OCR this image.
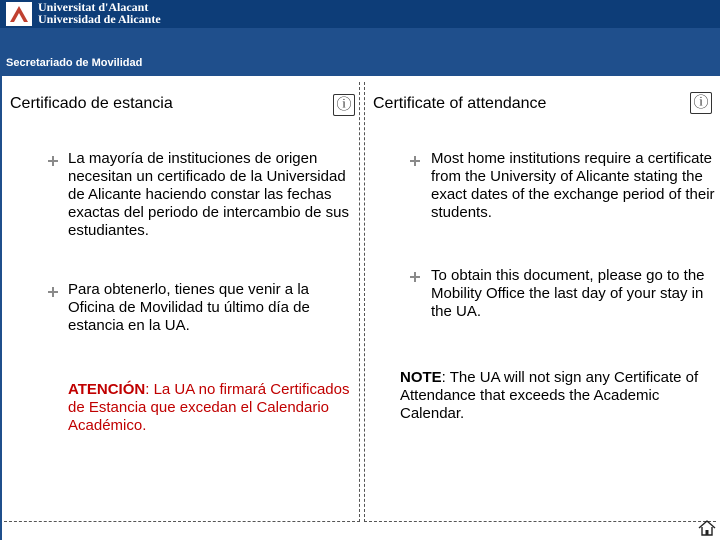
Universitat d'Alacant
Universidad de Alicante
Secretariado de Movilidad
Certificado de estancia	ⓘ Certificate of attendance	ⓘ
La mayoría de instituciones de origen necesitan un certificado de la Universidad de Alicante haciendo constar las fechas exactas del periodo de intercambio de sus estudiantes.
Para obtenerlo, tienes que venir a la Oficina de Movilidad tu último día de estancia en la UA.
ATENCIÓN: La UA no firmará Certificados de Estancia que excedan el Calendario Académico.
Most home institutions require a certificate from the University of Alicante stating the exact dates of the exchange period of their students.
To obtain this document, please go to the Mobility Office the last day of your stay in the UA.
NOTE: The UA will not sign any Certificate of Attendance that exceeds the Academic Calendar.
